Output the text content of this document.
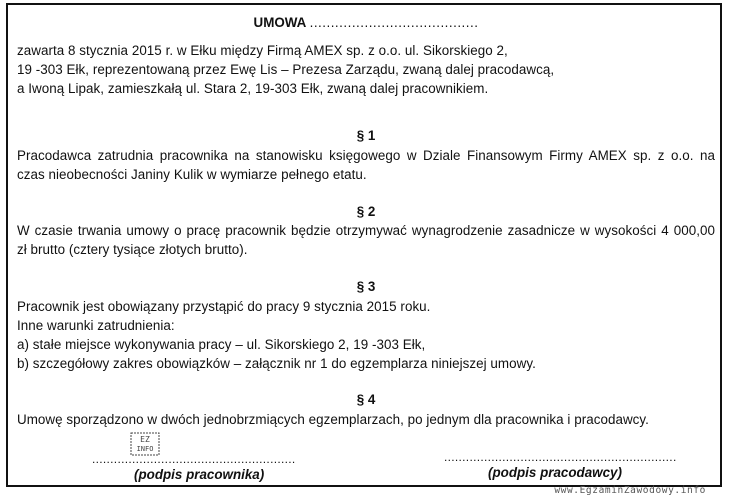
UMOWA ........................................
zawarta 8 stycznia 2015 r. w Ełku między Firmą AMEX sp. z o.o. ul. Sikorskiego 2,
19 -303 Ełk, reprezentowaną przez Ewę Lis – Prezesa Zarządu, zwaną dalej pracodawcą,
a Iwoną Lipak, zamieszkałą ul. Stara 2, 19-303 Ełk, zwaną dalej pracownikiem.
§ 1
Pracodawca zatrudnia pracownika na stanowisku księgowego w Dziale Finansowym Firmy AMEX sp. z o.o. na
czas nieobecności Janiny Kulik w wymiarze pełnego etatu.
§ 2
W czasie trwania umowy o pracę pracownik będzie otrzymywać wynagrodzenie zasadnicze w wysokości 4 000,00
zł brutto (cztery tysiące złotych brutto).
§ 3
Pracownik jest obowiązany przystąpić do pracy 9 stycznia 2015 roku.
Inne warunki zatrudnienia:
a) stałe miejsce wykonywania pracy – ul. Sikorskiego 2, 19 -303 Ełk,
b) szczegółowy zakres obowiązków – załącznik nr 1 do egzemplarza niniejszej umowy.
§ 4
Umowę sporządzono w dwóch jednobrzmiących egzemplarzach, po jednym dla pracownika i pracodawcy.
........................................................
(podpis pracownika)
................................................................
(podpis pracodawcy)
EZ
INFO
www.EgzaminZawodowy.info
